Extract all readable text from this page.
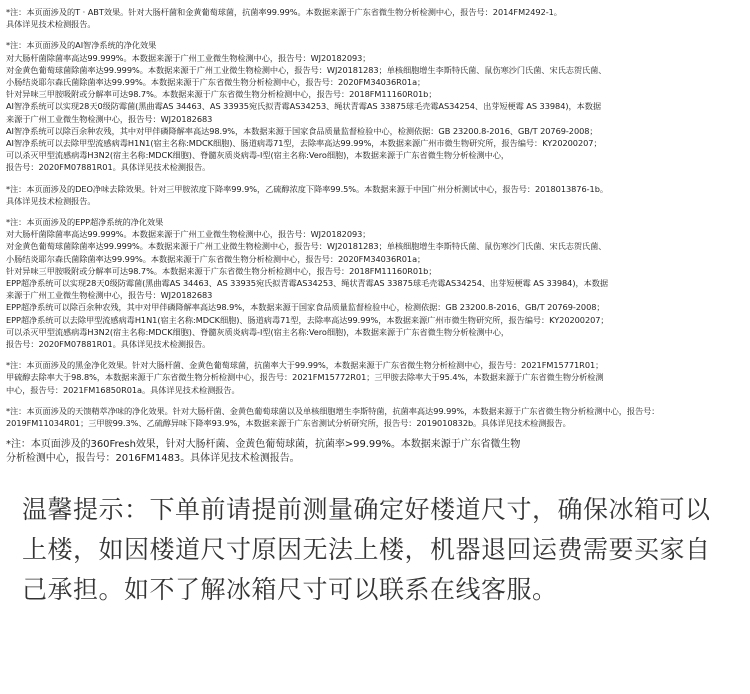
*注：本页面涉及的T · ABT效果。针对大肠杆菌和金黄葡萄球菌，抗菌率99.99%。本数据来源于广东省微生物分析检测中心，报告号：2014FM2492-1。
具体详见技术检测报告。

*注：本页面涉及的AI智净系统的净化效果
对大肠杆菌除菌率高达99.999%。本数据来源于广州工业微生物检测中心，报告号：WJ20182093；
对金黄色葡萄球菌除菌率达99.999%。本数据来源于广州工业微生物检测中心，报告号：WJ20181283；单核细胞增生李斯特氏菌、鼠伤寒沙门氏菌、宋氏志贺氏菌、
小肠结炎耶尔森氏菌除菌率达99.99%。本数据来源于广东省微生物分析检测中心，报告号：2020FM34036R01a；
针对异味三甲胺吸附或分解率可达98.7%。本数据来源于广东省微生物分析检测中心，报告号：2018FM11160R01b；
AI智净系统可以实现28天0级防霉菌(黑曲霉AS 34463、AS 33935宛氏拟青霉AS34253、绳状青霉AS 33875球毛壳霉AS34254、出芽短梗霉 AS 33984)，本数据
来源于广州工业微生物检测中心，报告号：WJ20182683
AI智净系统可以除百余种农残，其中对甲伴磷降解率高达98.9%，本数据来源于国家食品质量监督检验中心，检测依据：GB 23200.8-2016、GB/T 20769-2008；
AI智净系统可以去除甲型流感病毒H1N1(宿主名称:MDCK细胞)、肠道病毒71型，去除率高达99.99%，本数据来源广州市微生物研究所，报告编号：KY20200207；
可以杀灭甲型流感病毒H3N2(宿主名称:MDCK细胞)、脊髓灰质炎病毒-I型(宿主名称:Vero细胞)，本数据来源于广东省微生物分析检测中心，
报告号：2020FM07881R01。具体详见技术检测报告。

*注：本页面涉及的DEO净味去除效果。针对三甲胺浓度下降率99.9%，乙硫醇浓度下降率99.5%。本数据来源于中国广州分析测试中心，报告号：2018013876-1b。
具体详见技术检测报告。

*注：本页面涉及的EPP超净系统的净化效果
对大肠杆菌除菌率高达99.999%。本数据来源于广州工业微生物检测中心，报告号：WJ20182093；
对金黄色葡萄球菌除菌率达99.999%。本数据来源于广州工业微生物检测中心，报告号：WJ20181283；单核细胞增生李斯特氏菌、鼠伤寒沙门氏菌、宋氏志贺氏菌、
小肠结炎耶尔森氏菌除菌率达99.99%。本数据来源于广东省微生物分析检测中心，报告号：2020FM34036R01a；
针对异味三甲胺吸附或分解率可达98.7%。本数据来源于广东省微生物分析检测中心，报告号：2018FM11160R01b；
EPP超净系统可以实现28天0级防霉菌(黑曲霉AS 34463、AS 33935宛氏拟青霉AS34253、绳状青霉AS 33875球毛壳霉AS34254、出芽短梗霉 AS 33984)，本数据
来源于广州工业微生物检测中心，报告号：WJ20182683
EPP超净系统可以除百余种农残，其中对甲伴磷降解率高达98.9%，本数据来源于国家食品质量监督检验中心，检测依据：GB 23200.8-2016、GB/T 20769-2008；
EPP超净系统可以去除甲型流感病毒H1N1(宿主名称:MDCK细胞)、肠道病毒71型，去除率高达99.99%，本数据来源广州市微生物研究所，报告编号：KY20200207；
可以杀灭甲型流感病毒H3N2(宿主名称:MDCK细胞)、脊髓灰质炎病毒-I型(宿主名称:Vero细胞)，本数据来源于广东省微生物分析检测中心，
报告号：2020FM07881R01。具体详见技术检测报告。

*注：本页面涉及的黑金净化效果。针对大肠杆菌、金黄色葡萄球菌，抗菌率大于99.99%，本数据来源于广东省微生物分析检测中心，报告号：2021FM15771R01；
甲硫醇去除率大于98.8%，本数据来源于广东省微生物分析检测中心，报告号：2021FM15772R01；三甲胺去除率大于95.4%，本数据来源于广东省微生物分析检测
中心，报告号：2021FM16850R01a。具体详见技术检测报告。

*注：本页面涉及的天馈精萃净味的净化效果。针对大肠杆菌、金黄色葡萄球菌以及单核细胞增生李斯特菌，抗菌率高达99.99%，本数据来源于广东省微生物分析检测中心，报告号：
2019FM11034R01；三甲胺99.3%、乙硫醇异味下降率93.9%，本数据来源于广东省测试分析研究所，报告号：2019010832b。具体详见技术检测报告。

*注：本页面涉及的360Fresh效果，针对大肠杆菌、金黄色葡萄球菌，抗菌率>99.99%。本数据来源于广东省微生物
分析检测中心，报告号：2016FM1483。具体详见技术检测报告。

温馨提示：下单前请提前测量确定好楼道尺寸，确保冰箱可以上楼，如因楼道尺寸原因无法上楼，机器退回运费需要买家自己承担。如不了解冰箱尺寸可以联系在线客服。
